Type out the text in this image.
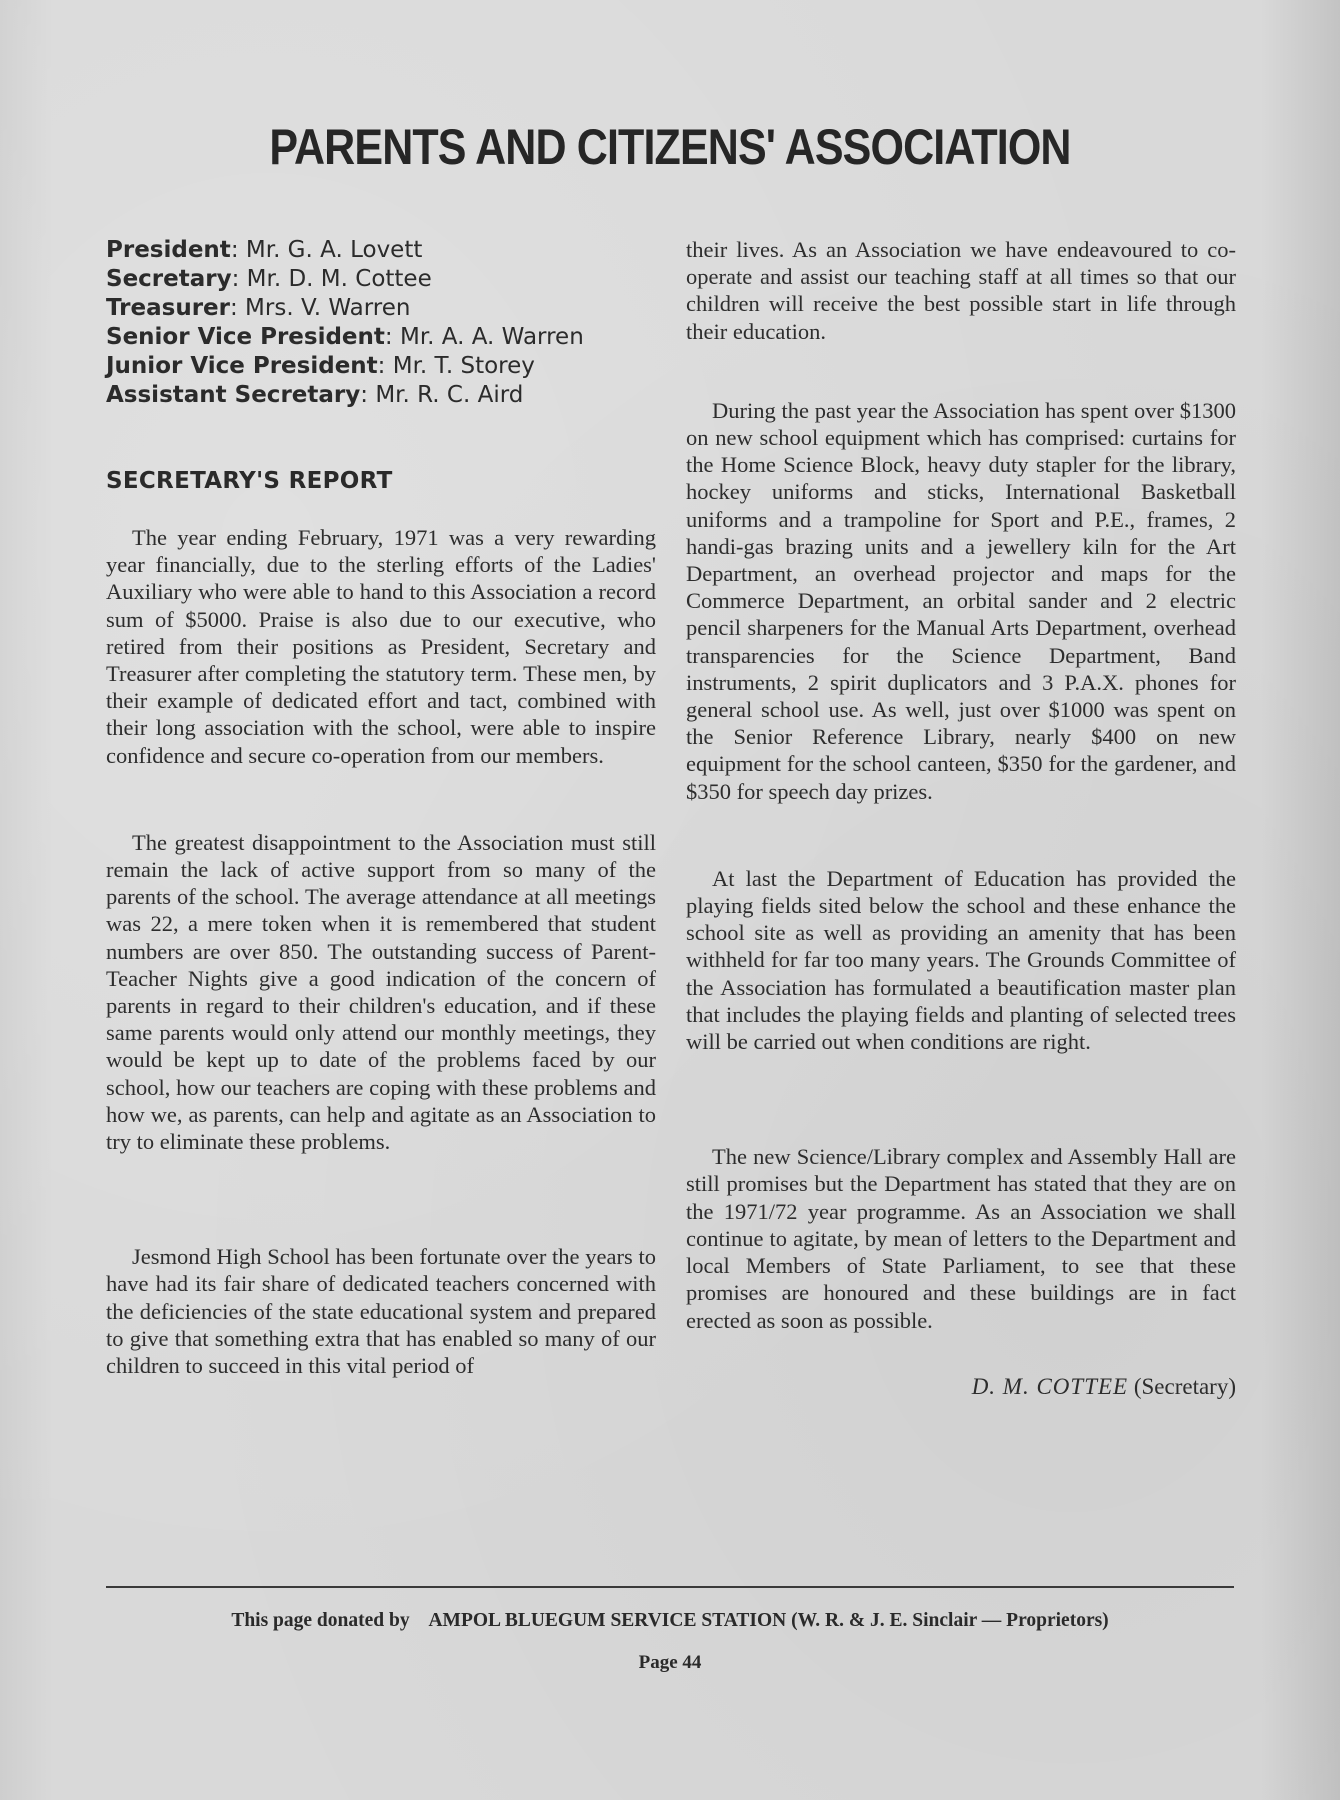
PARENTS AND CITIZENS' ASSOCIATION
President: Mr. G. A. Lovett
Secretary: Mr. D. M. Cottee
Treasurer: Mrs. V. Warren
Senior Vice President: Mr. A. A. Warren
Junior Vice President: Mr. T. Storey
Assistant Secretary: Mr. R. C. Aird
SECRETARY'S REPORT

The year ending February, 1971 was a very rewarding year financially, due to the sterling efforts of the Ladies' Auxiliary who were able to hand to this Association a record sum of $5000. Praise is also due to our executive, who retired from their positions as President, Secretary and Treasurer after completing the statutory term. These men, by their example of dedicated effort and tact, combined with their long association with the school, were able to inspire confidence and secure co-operation from our members.

The greatest disappointment to the Association must still remain the lack of active support from so many of the parents of the school. The average attendance at all meetings was 22, a mere token when it is remembered that student numbers are over 850. The outstanding success of Parent-Teacher Nights give a good indication of the concern of parents in regard to their children's education, and if these same parents would only attend our monthly meetings, they would be kept up to date of the problems faced by our school, how our teachers are coping with these problems and how we, as parents, can help and agitate as an Association to try to eliminate these problems.

Jesmond High School has been fortunate over the years to have had its fair share of dedicated teachers concerned with the deficiencies of the state educational system and prepared to give that something extra that has enabled so many of our children to succeed in this vital period of

their lives. As an Association we have endeavoured to co-operate and assist our teaching staff at all times so that our children will receive the best possible start in life through their education.

During the past year the Association has spent over $1300 on new school equipment which has comprised: curtains for the Home Science Block, heavy duty stapler for the library, hockey uniforms and sticks, International Basketball uniforms and a trampoline for Sport and P.E., frames, 2 handi-gas brazing units and a jewellery kiln for the Art Department, an overhead projector and maps for the Commerce Department, an orbital sander and 2 electric pencil sharpeners for the Manual Arts Department, overhead transparencies for the Science Department, Band instruments, 2 spirit duplicators and 3 P.A.X. phones for general school use. As well, just over $1000 was spent on the Senior Reference Library, nearly $400 on new equipment for the school canteen, $350 for the gardener, and $350 for speech day prizes.

At last the Department of Education has provided the playing fields sited below the school and these enhance the school site as well as providing an amenity that has been withheld for far too many years. The Grounds Committee of the Association has formulated a beautification master plan that includes the playing fields and planting of selected trees will be carried out when conditions are right.

The new Science/Library complex and Assembly Hall are still promises but the Department has stated that they are on the 1971/72 year programme. As an Association we shall continue to agitate, by mean of letters to the Department and local Members of State Parliament, to see that these promises are honoured and these buildings are in fact erected as soon as possible.

D. M. COTTEE (Secretary)
This page donated by AMPOL BLUEGUM SERVICE STATION (W. R. & J. E. Sinclair — Proprietors)
Page 44
